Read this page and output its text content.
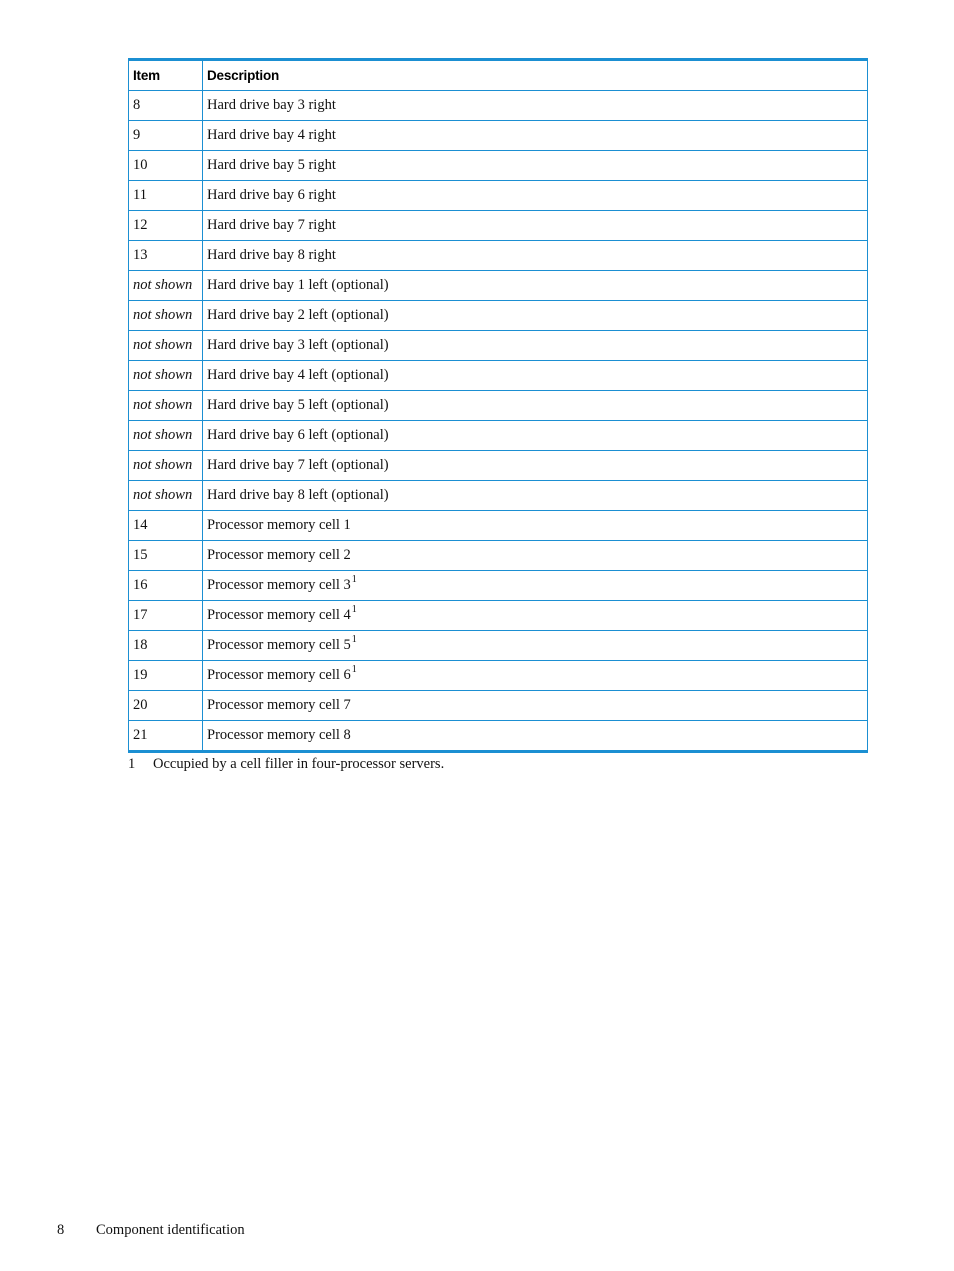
Item	Description
8	Hard drive bay 3 right
9	Hard drive bay 4 right
10	Hard drive bay 5 right
11	Hard drive bay 6 right
12	Hard drive bay 7 right
13	Hard drive bay 8 right
not shown	Hard drive bay 1 left (optional)
not shown	Hard drive bay 2 left (optional)
not shown	Hard drive bay 3 left (optional)
not shown	Hard drive bay 4 left (optional)
not shown	Hard drive bay 5 left (optional)
not shown	Hard drive bay 6 left (optional)
not shown	Hard drive bay 7 left (optional)
not shown	Hard drive bay 8 left (optional)
14	Processor memory cell 1
15	Processor memory cell 2
16	Processor memory cell 3$^1$
17	Processor memory cell 4$^1$
18	Processor memory cell 5$^1$
19	Processor memory cell 6$^1$
20	Processor memory cell 7
21	Processor memory cell 8
1 Occupied by a cell filler in four-processor servers.
8 Component identification
